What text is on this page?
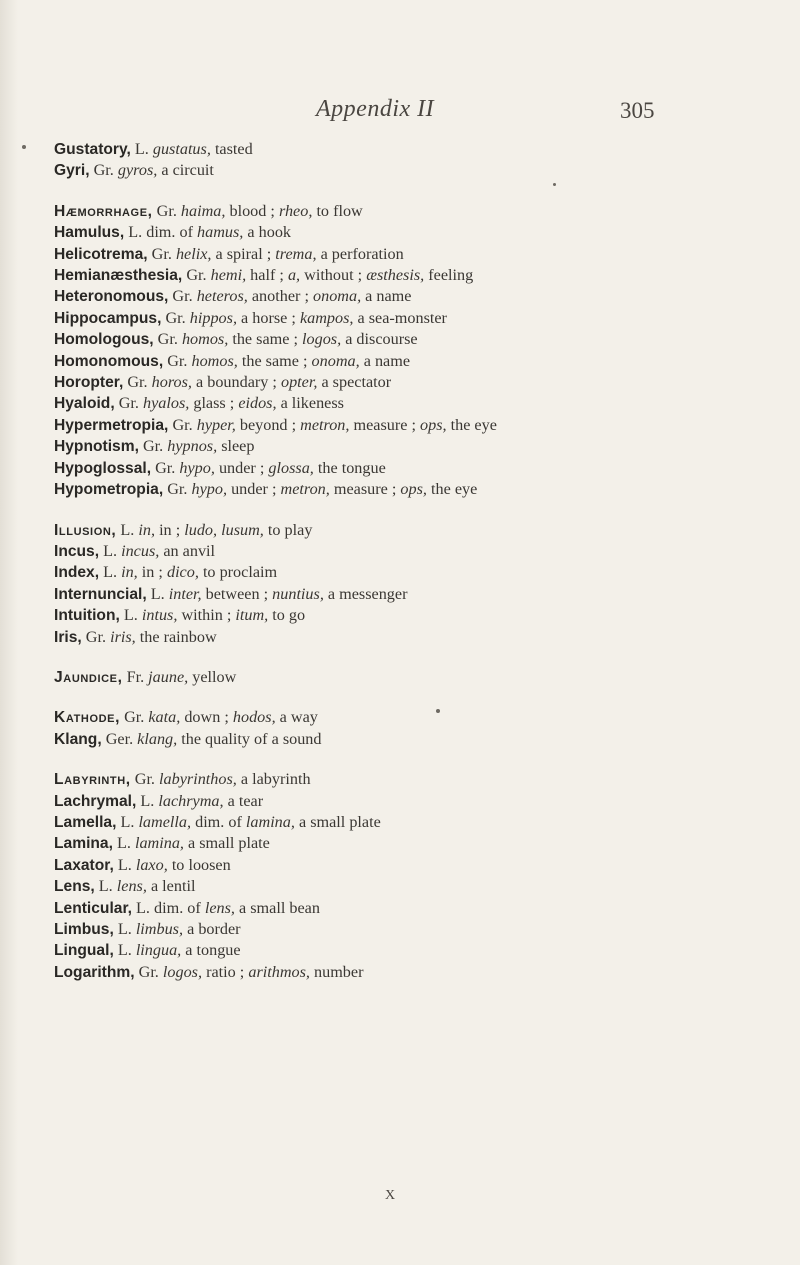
Appendix II	305
Gustatory, L. gustatus, tasted
Gyri, Gr. gyros, a circuit
Hæmorrhage, Gr. haima, blood ; rheo, to flow
Hamulus, L. dim. of hamus, a hook
Helicotrema, Gr. helix, a spiral ; trema, a perforation
Hemianæsthesia, Gr. hemi, half ; a, without ; æsthesis, feeling
Heteronomous, Gr. heteros, another ; onoma, a name
Hippocampus, Gr. hippos, a horse ; kampos, a sea-monster
Homologous, Gr. homos, the same ; logos, a discourse
Homonomous, Gr. homos, the same ; onoma, a name
Horopter, Gr. horos, a boundary ; opter, a spectator
Hyaloid, Gr. hyalos, glass ; eidos, a likeness
Hypermetropia, Gr. hyper, beyond ; metron, measure ; ops, the eye
Hypnotism, Gr. hypnos, sleep
Hypoglossal, Gr. hypo, under ; glossa, the tongue
Hypometropia, Gr. hypo, under ; metron, measure ; ops, the eye
Illusion, L. in, in ; ludo, lusum, to play
Incus, L. incus, an anvil
Index, L. in, in ; dico, to proclaim
Internuncial, L. inter, between ; nuntius, a messenger
Intuition, L. intus, within ; itum, to go
Iris, Gr. iris, the rainbow
Jaundice, Fr. jaune, yellow
Kathode, Gr. kata, down ; hodos, a way
Klang, Ger. klang, the quality of a sound
Labyrinth, Gr. labyrinthos, a labyrinth
Lachrymal, L. lachryma, a tear
Lamella, L. lamella, dim. of lamina, a small plate
Lamina, L. lamina, a small plate
Laxator, L. laxo, to loosen
Lens, L. lens, a lentil
Lenticular, L. dim. of lens, a small bean
Limbus, L. limbus, a border
Lingual, L. lingua, a tongue
Logarithm, Gr. logos, ratio ; arithmos, number
X
